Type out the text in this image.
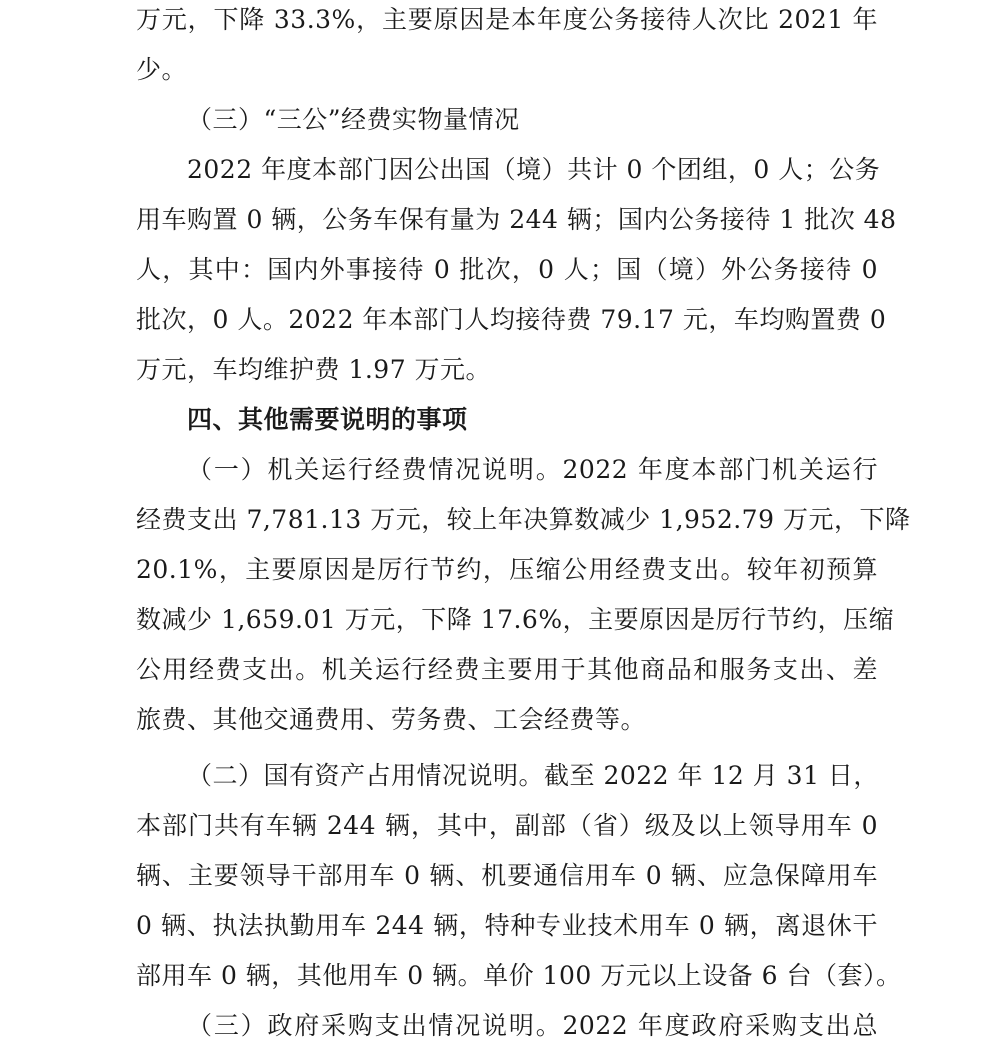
万元，下降 33.3%，主要原因是本年度公务接待人次比 2021 年
少。
（三）“三公”经费实物量情况
2022 年度本部门因公出国（境）共计 0 个团组，0 人；公务
用车购置 0 辆，公务车保有量为 244 辆；国内公务接待 1 批次 48
人，其中：国内外事接待 0 批次，0 人；国（境）外公务接待 0
批次，0 人。2022 年本部门人均接待费 79.17 元，车均购置费 0
万元，车均维护费 1.97 万元。
四、其他需要说明的事项
（一）机关运行经费情况说明。2022 年度本部门机关运行
经费支出 7,781.13 万元，较上年决算数减少 1,952.79 万元，下降
20.1%，主要原因是厉行节约，压缩公用经费支出。较年初预算
数减少 1,659.01 万元，下降 17.6%，主要原因是厉行节约，压缩
公用经费支出。机关运行经费主要用于其他商品和服务支出、差
旅费、其他交通费用、劳务费、工会经费等。
（二）国有资产占用情况说明。截至 2022 年 12 月 31 日，
本部门共有车辆 244 辆，其中，副部（省）级及以上领导用车 0
辆、主要领导干部用车 0 辆、机要通信用车 0 辆、应急保障用车
0 辆、执法执勤用车 244 辆，特种专业技术用车 0 辆，离退休干
部用车 0 辆，其他用车 0 辆。单价 100 万元以上设备 6 台（套）。
（三）政府采购支出情况说明。2022 年度政府采购支出总
